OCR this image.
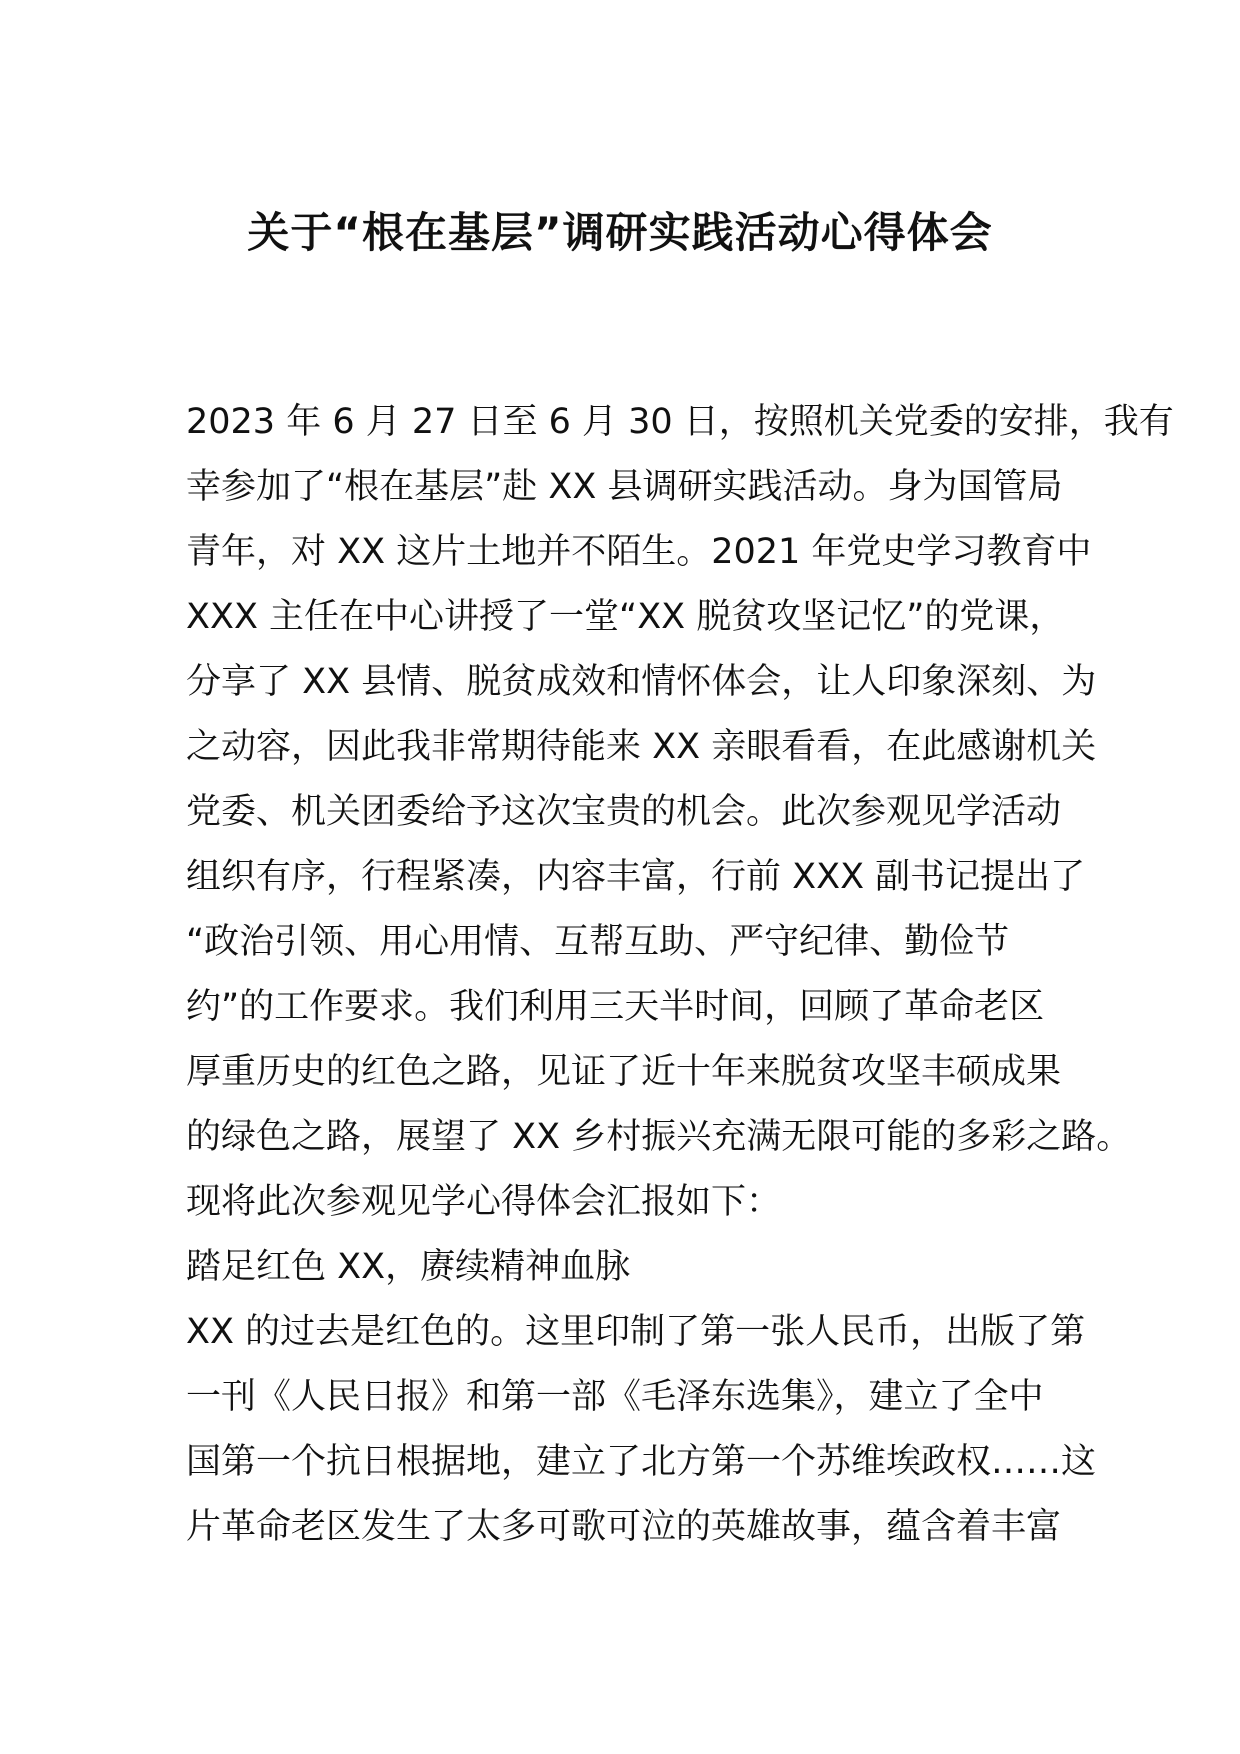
关于“根在基层”调研实践活动心得体会
2023 年 6 月 27 日至 6 月 30 日，按照机关党委的安排，我有
幸参加了“根在基层”赴 XX 县调研实践活动。身为国管局
青年，对 XX 这片土地并不陌生。2021 年党史学习教育中
XXX 主任在中心讲授了一堂“XX 脱贫攻坚记忆”的党课，
分享了 XX 县情、脱贫成效和情怀体会，让人印象深刻、为
之动容，因此我非常期待能来 XX 亲眼看看，在此感谢机关
党委、机关团委给予这次宝贵的机会。此次参观见学活动
组织有序，行程紧凑，内容丰富，行前 XXX 副书记提出了
“政治引领、用心用情、互帮互助、严守纪律、勤俭节
约”的工作要求。我们利用三天半时间，回顾了革命老区
厚重历史的红色之路，见证了近十年来脱贫攻坚丰硕成果
的绿色之路，展望了 XX 乡村振兴充满无限可能的多彩之路。
现将此次参观见学心得体会汇报如下：
踏足红色 XX，赓续精神血脉
XX 的过去是红色的。这里印制了第一张人民币，出版了第
一刊《人民日报》和第一部《毛泽东选集》，建立了全中
国第一个抗日根据地，建立了北方第一个苏维埃政权……这
片革命老区发生了太多可歌可泣的英雄故事，蕴含着丰富
